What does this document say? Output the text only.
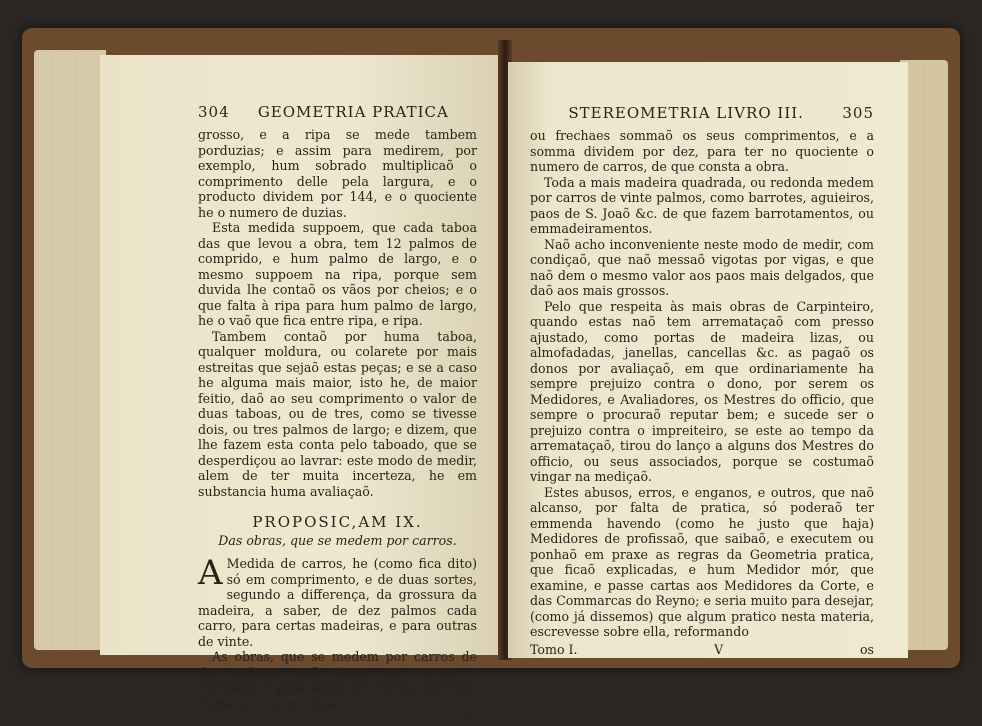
304	GEOMETRIA PRATICA

grosso, e a ripa se mede tambem porduzias; e assim para medirem, por exemplo, hum sobrado multiplicaõ o comprimento delle pela largura, e o producto dividem por 144, e o quociente he o numero de duzias.

Esta medida suppoem, que cada taboa das que levou a obra, tem 12 palmos de comprido, e hum palmo de largo, e o mesmo suppoem na ripa, porque sem duvida lhe contaõ os vãos por cheios; e o que falta à ripa para hum palmo de largo, he o vaõ que fica entre ripa, e ripa.

Tambem contaõ por huma taboa, qualquer moldura, ou colarete por mais estreitas que sejaõ estas peças; e se a caso he alguma mais maior, isto he, de maior feitio, daõ ao seu comprimento o valor de duas taboas, ou de tres, como se tivesse dois, ou tres palmos de largo; e dizem, que lhe fazem esta conta pelo taboado, que se desperdiçou ao lavrar: este modo de medir, alem de ter muita incerteza, he em substancia huma avaliaçaõ.

PROPOSIC,AM IX.
Das obras, que se medem por carros.

A Medida de carros, he (como fica dito) só em comprimento, e de duas sortes, segundo a differença, da grossura da madeira, a saber, de dez palmos cada carro, para certas madeiras, e para outras de vinte.

As obras, que se medem por carros de dez palmos, saõ vigas, ou traves, e frechaes; e para saber os carros, que tem huma ou muitas vigas,

ou
STEREOMETRIA LIVRO III.	305

ou frechaes sommaõ os seus comprimentos, e a somma dividem por dez, para ter no quociente o numero de carros, de que consta a obra.

Toda a mais madeira quadrada, ou redonda medem por carros de vinte palmos, como barrotes, aguieiros, paos de S. Joaõ &c. de que fazem barrotamentos, ou emmadeiramentos.

Naõ acho inconveniente neste modo de medir, com condiçaõ, que naõ messaõ vigotas por vigas, e que naõ dem o mesmo valor aos paos mais delgados, que daõ aos mais grossos.

Pelo que respeita às mais obras de Carpinteiro, quando estas naõ tem arremataçaõ com presso ajustado, como portas de madeira lizas, ou almofadadas, janellas, cancellas &c. as pagaõ os donos por avaliaçaõ, em que ordinariamente ha sempre prejuizo contra o dono, por serem os Medidores, e Avaliadores, os Mestres do officio, que sempre o procuraõ reputar bem; e sucede ser o prejuizo contra o impreiteiro, se este ao tempo da arremataçaõ, tirou do lanço a alguns dos Mestres do officio, ou seus associados, porque se costumaõ vingar na mediçaõ.

Estes abusos, erros, e enganos, e outros, que naõ alcanso, por falta de pratica, só poderaõ ter emmenda havendo (como he justo que haja) Medidores de profissaõ, que saibaõ, e executem ou ponhaõ em praxe as regras da Geometria pratica, que ficaõ explicadas, e hum Medidor mór, que examine, e passe cartas aos Medidores da Corte, e das Commarcas do Reyno; e seria muito para desejar, (como já dissemos) que algum pratico nesta materia, escrevesse sobre ella, reformando

Tomo I.	V	os
